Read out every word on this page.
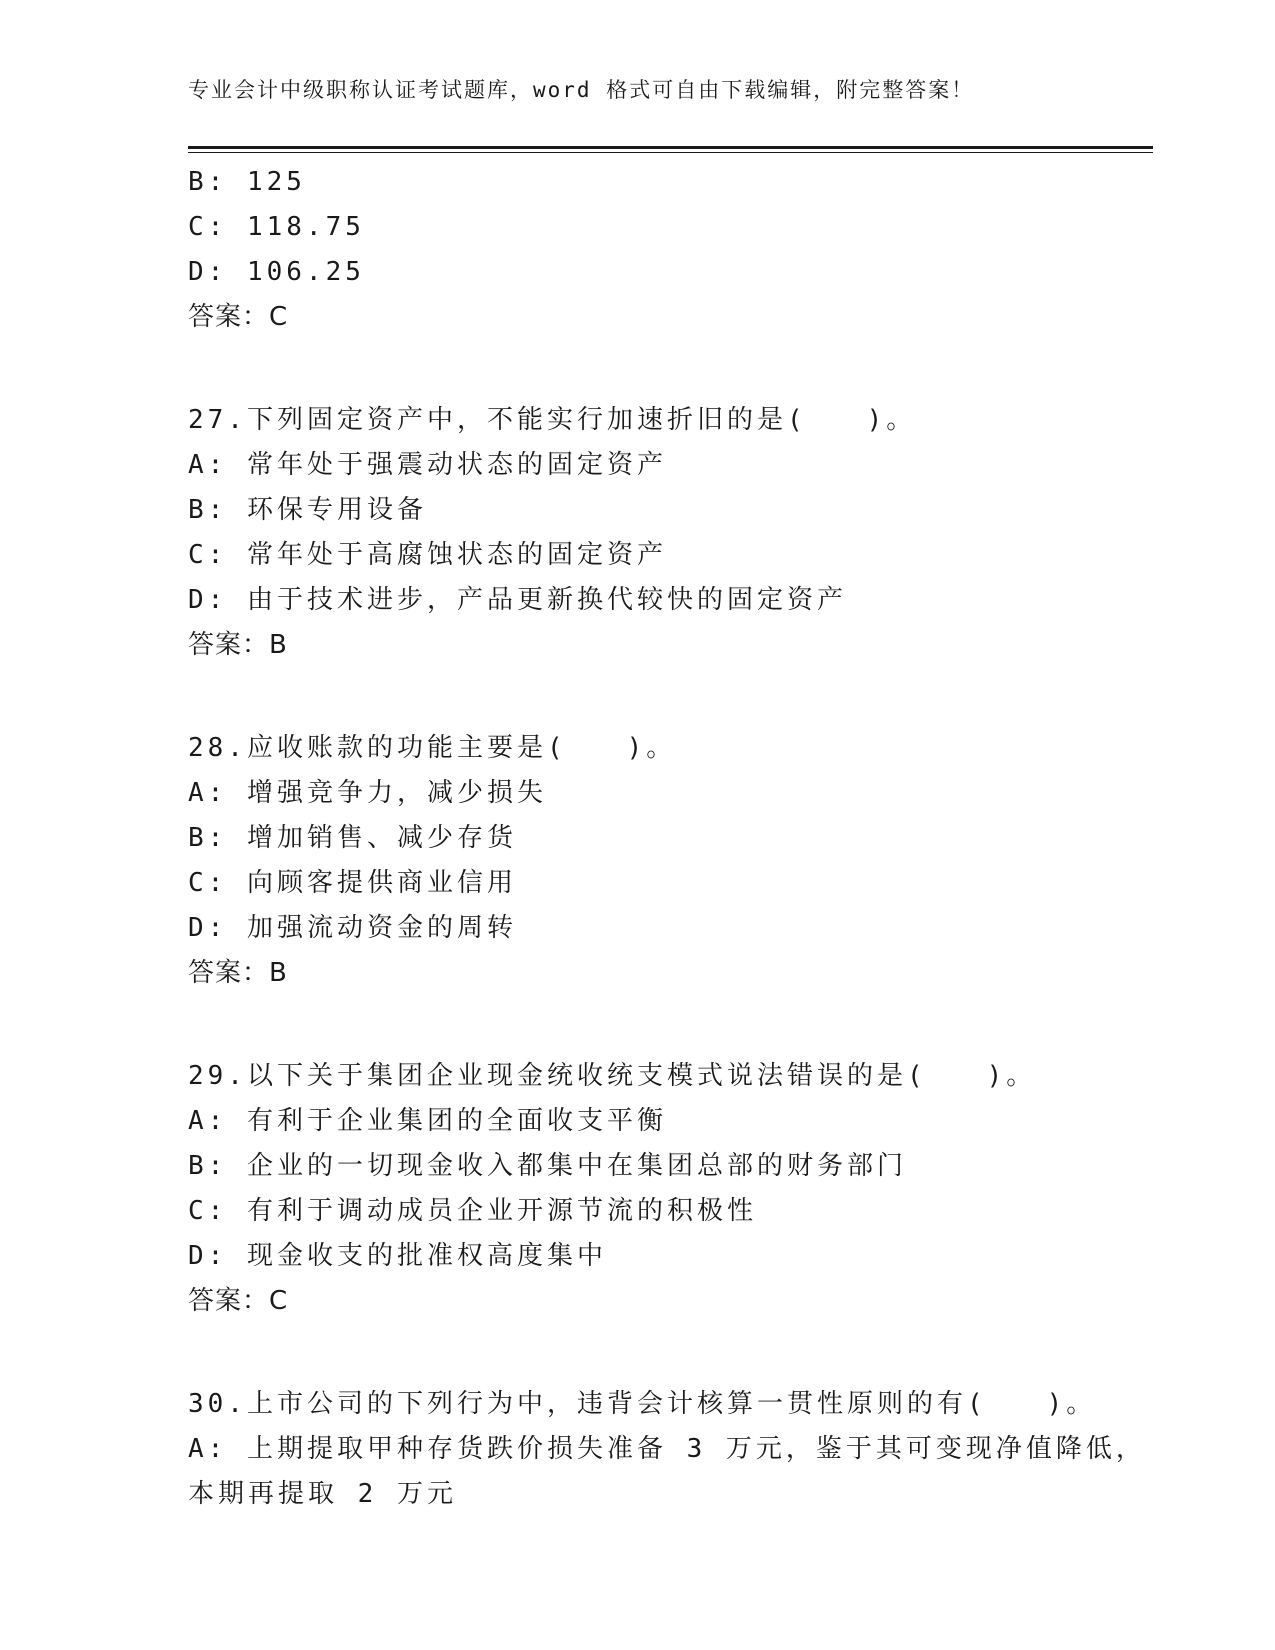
专业会计中级职称认证考试题库，word 格式可自由下载编辑，附完整答案！
B: 125
C: 118.75
D: 106.25
答案：C
27.下列固定资产中，不能实行加速折旧的是(　　)。
A: 常年处于强震动状态的固定资产
B: 环保专用设备
C: 常年处于高腐蚀状态的固定资产
D: 由于技术进步，产品更新换代较快的固定资产
答案：B
28.应收账款的功能主要是(　　)。
A: 增强竞争力，减少损失
B: 增加销售、减少存货
C: 向顾客提供商业信用
D: 加强流动资金的周转
答案：B
29.以下关于集团企业现金统收统支模式说法错误的是(　　)。
A: 有利于企业集团的全面收支平衡
B: 企业的一切现金收入都集中在集团总部的财务部门
C: 有利于调动成员企业开源节流的积极性
D: 现金收支的批准权高度集中
答案：C
30.上市公司的下列行为中，违背会计核算一贯性原则的有(　　)。
A: 上期提取甲种存货跌价损失准备 3 万元，鉴于其可变现净值降低，
本期再提取 2 万元
